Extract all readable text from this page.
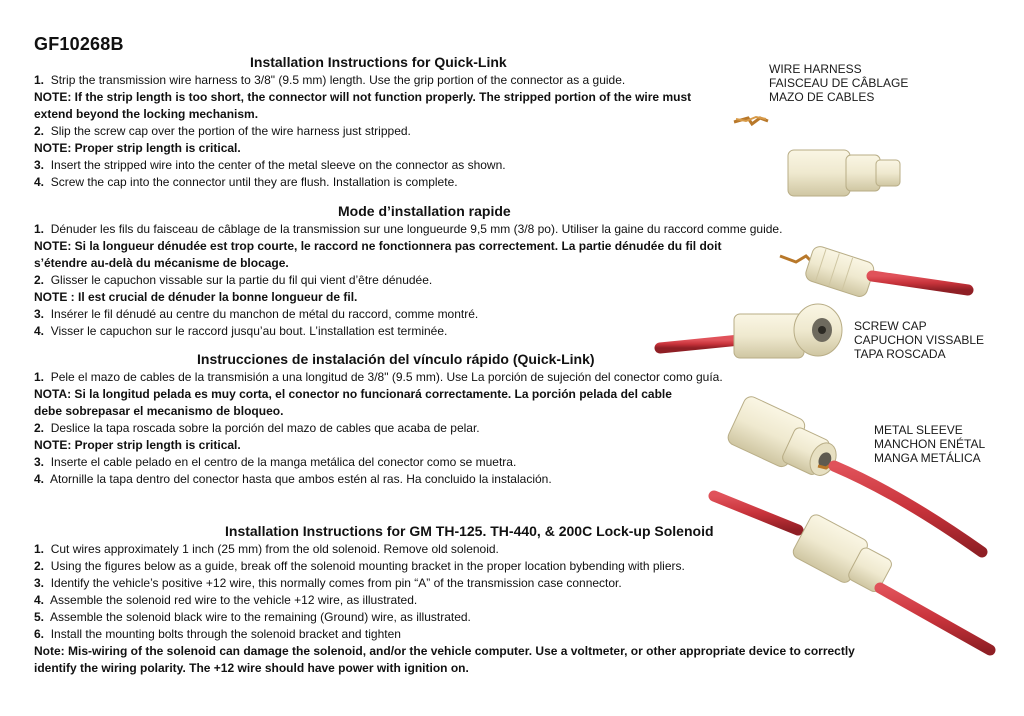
GF10268B
Installation Instructions for Quick-Link
1. Strip the transmission wire harness to 3/8" (9.5 mm) length. Use the grip portion of the connector as a guide.
NOTE: If the strip length is too short, the connector will not function properly. The stripped portion of the wire must
extend beyond the locking mechanism.
2. Slip the screw cap over the portion of the wire harness just stripped.
NOTE: Proper strip length is critical.
3. Insert the stripped wire into the center of the metal sleeve on the connector as shown.
4. Screw the cap into the connector until they are flush. Installation is complete.
Mode d’installation rapide
1. Dénuder les fils du faisceau de câblage de la transmission sur une longueurde 9,5 mm (3/8 po). Utiliser la gaine du raccord comme guide.
NOTE: Si la longueur dénudée est trop courte, le raccord ne fonctionnera pas correctement. La partie dénudée du fil doit
s’étendre au-delà du mécanisme de blocage.
2. Glisser le capuchon vissable sur la partie du fil qui vient d’être dénudée.
NOTE : Il est crucial de dénuder la bonne longueur de fil.
3. Insérer le fil dénudé au centre du manchon de métal du raccord, comme montré.
4. Visser le capuchon sur le raccord jusqu’au bout. L’installation est terminée.
Instrucciones de instalación del vínculo rápido (Quick-Link)
1. Pele el mazo de cables de la transmisión a una longitud de 3/8" (9.5 mm). Use La porción de sujeción del conector como guía.
NOTA: Si la longitud pelada es muy corta, el conector no funcionará correctamente. La porción pelada del cable
debe sobrepasar el mecanismo de bloqueo.
2. Deslice la tapa roscada sobre la porción del mazo de cables que acaba de pelar.
NOTE: Proper strip length is critical.
3. Inserte el cable pelado en el centro de la manga metálica del conector como se muetra.
4. Atornille la tapa dentro del conector hasta que ambos estén al ras. Ha concluido la instalación.
Installation Instructions for GM TH-125. TH-440, & 200C Lock-up Solenoid
1. Cut wires approximately 1 inch (25 mm) from the old solenoid. Remove old solenoid.
2. Using the figures below as a guide, break off the solenoid mounting bracket in the proper location bybending with pliers.
3. Identify the vehicle’s positive +12 wire, this normally comes from pin “A” of the transmission case connector.
4. Assemble the solenoid red wire to the vehicle +12 wire, as illustrated.
5. Assemble the solenoid black wire to the remaining (Ground) wire, as illustrated.
6. Install the mounting bolts through the solenoid bracket and tighten
Note: Mis-wiring of the solenoid can damage the solenoid, and/or the vehicle computer. Use a voltmeter, or other appropriate device to correctly
identify the wiring polarity. The +12 wire should have power with ignition on.
WIRE HARNESS
FAISCEAU DE CÂBLAGE
MAZO DE CABLES
SCREW CAP
CAPUCHON VISSABLE
TAPA ROSCADA
METAL SLEEVE
MANCHON ENÉTAL
MANGA METÁLICA
